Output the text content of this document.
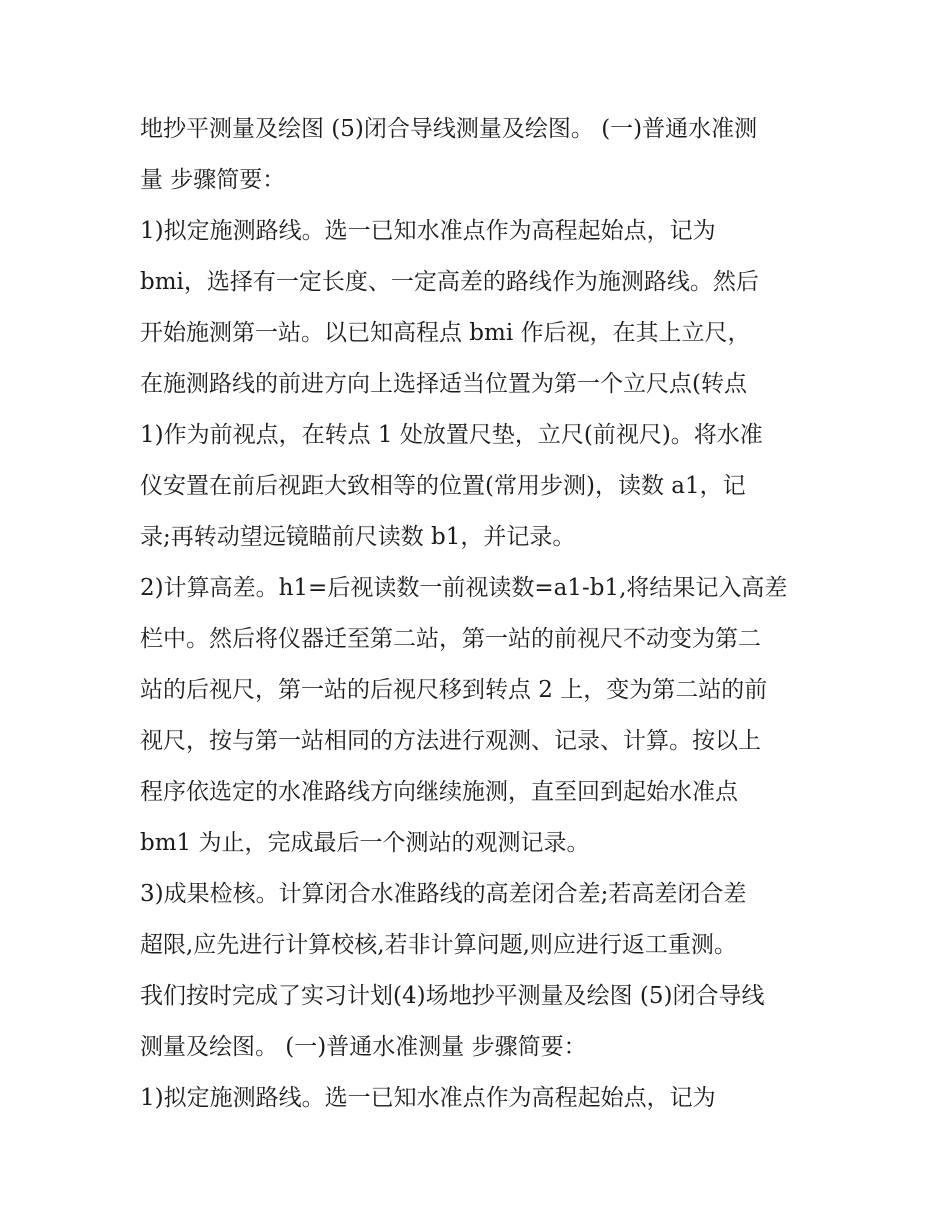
地抄平测量及绘图 (5)闭合导线测量及绘图。 (一)普通水准测
量 步骤简要：
1)拟定施测路线。选一已知水准点作为高程起始点，记为
bmi，选择有一定长度、一定高差的路线作为施测路线。然后
开始施测第一站。以已知高程点 bmi 作后视，在其上立尺，
在施测路线的前进方向上选择适当位置为第一个立尺点(转点
1)作为前视点，在转点 1 处放置尺垫，立尺(前视尺)。将水准
仪安置在前后视距大致相等的位置(常用步测)，读数 a1，记
录;再转动望远镜瞄前尺读数 b1，并记录。
2)计算高差。h1=后视读数一前视读数=a1-b1,将结果记入高差
栏中。然后将仪器迁至第二站，第一站的前视尺不动变为第二
站的后视尺，第一站的后视尺移到转点 2 上，变为第二站的前
视尺，按与第一站相同的方法进行观测、记录、计算。按以上
程序依选定的水准路线方向继续施测，直至回到起始水准点
bm1 为止，完成最后一个测站的观测记录。
3)成果检核。计算闭合水准路线的高差闭合差;若高差闭合差
超限,应先进行计算校核,若非计算问题,则应进行返工重测。
我们按时完成了实习计划(4)场地抄平测量及绘图 (5)闭合导线
测量及绘图。 (一)普通水准测量 步骤简要：
1)拟定施测路线。选一已知水准点作为高程起始点，记为
